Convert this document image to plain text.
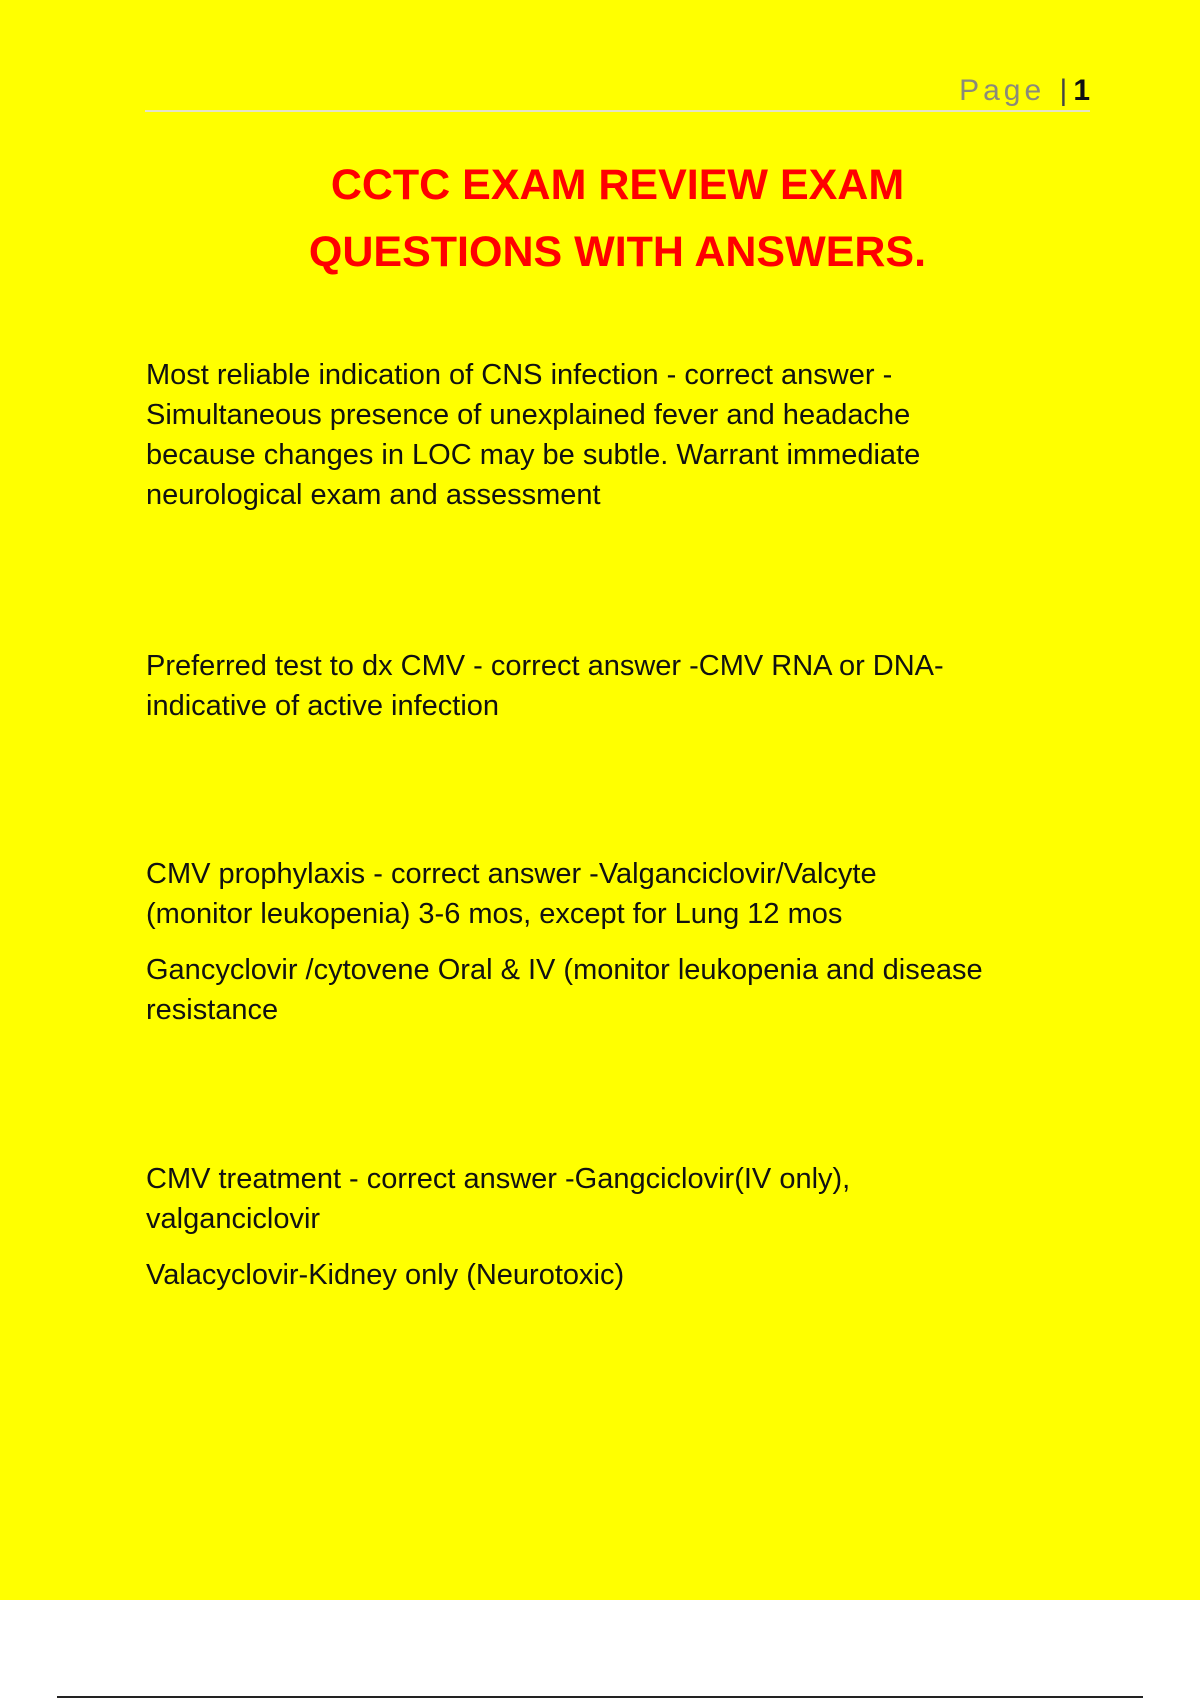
Page | 1
CCTC EXAM REVIEW EXAM
QUESTIONS WITH ANSWERS.

Most reliable indication of CNS infection - correct answer - Simultaneous presence of unexplained fever and headache because changes in LOC may be subtle. Warrant immediate neurological exam and assessment

Preferred test to dx CMV - correct answer -CMV RNA or DNA- indicative of active infection

CMV prophylaxis - correct answer -Valganciclovir/Valcyte (monitor leukopenia) 3-6 mos, except for Lung 12 mos

Gancyclovir /cytovene Oral & IV (monitor leukopenia and disease resistance

CMV treatment - correct answer -Gangciclovir(IV only), valganciclovir

Valacyclovir-Kidney only (Neurotoxic)
